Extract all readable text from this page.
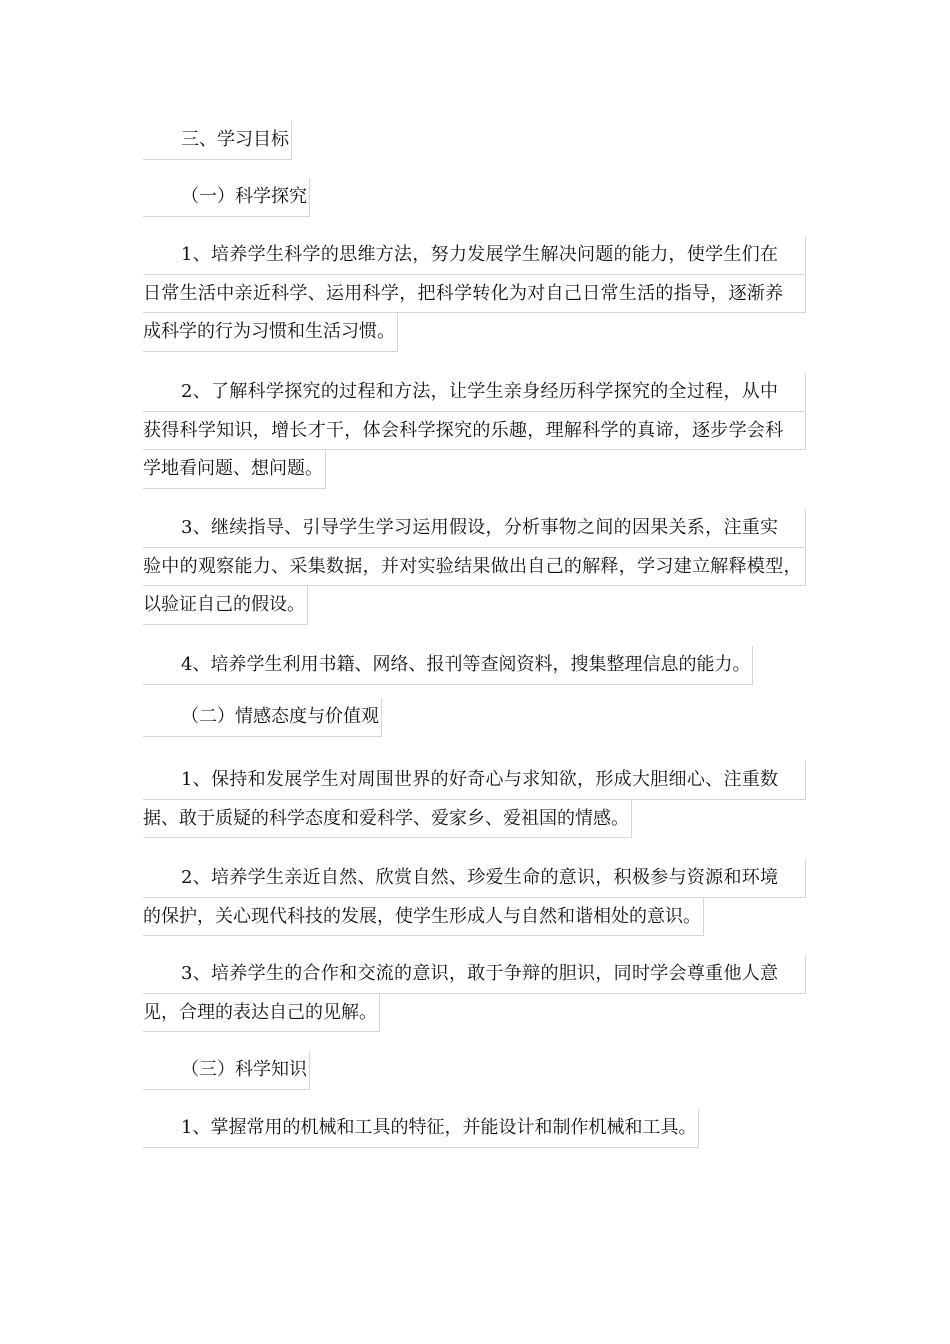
三、学习目标
（一）科学探究
1、培养学生科学的思维方法，努力发展学生解决问题的能力，使学生们在
日常生活中亲近科学、运用科学，把科学转化为对自己日常生活的指导，逐渐养
成科学的行为习惯和生活习惯。
2、了解科学探究的过程和方法，让学生亲身经历科学探究的全过程，从中
获得科学知识，增长才干，体会科学探究的乐趣，理解科学的真谛，逐步学会科
学地看问题、想问题。
3、继续指导、引导学生学习运用假设，分析事物之间的因果关系，注重实
验中的观察能力、采集数据，并对实验结果做出自己的解释，学习建立解释模型，
以验证自己的假设。
4、培养学生利用书籍、网络、报刊等查阅资料，搜集整理信息的能力。
（二）情感态度与价值观
1、保持和发展学生对周围世界的好奇心与求知欲，形成大胆细心、注重数
据、敢于质疑的科学态度和爱科学、爱家乡、爱祖国的情感。
2、培养学生亲近自然、欣赏自然、珍爱生命的意识，积极参与资源和环境
的保护，关心现代科技的发展，使学生形成人与自然和谐相处的意识。
3、培养学生的合作和交流的意识，敢于争辩的胆识，同时学会尊重他人意
见，合理的表达自己的见解。
（三）科学知识
1、掌握常用的机械和工具的特征，并能设计和制作机械和工具。
